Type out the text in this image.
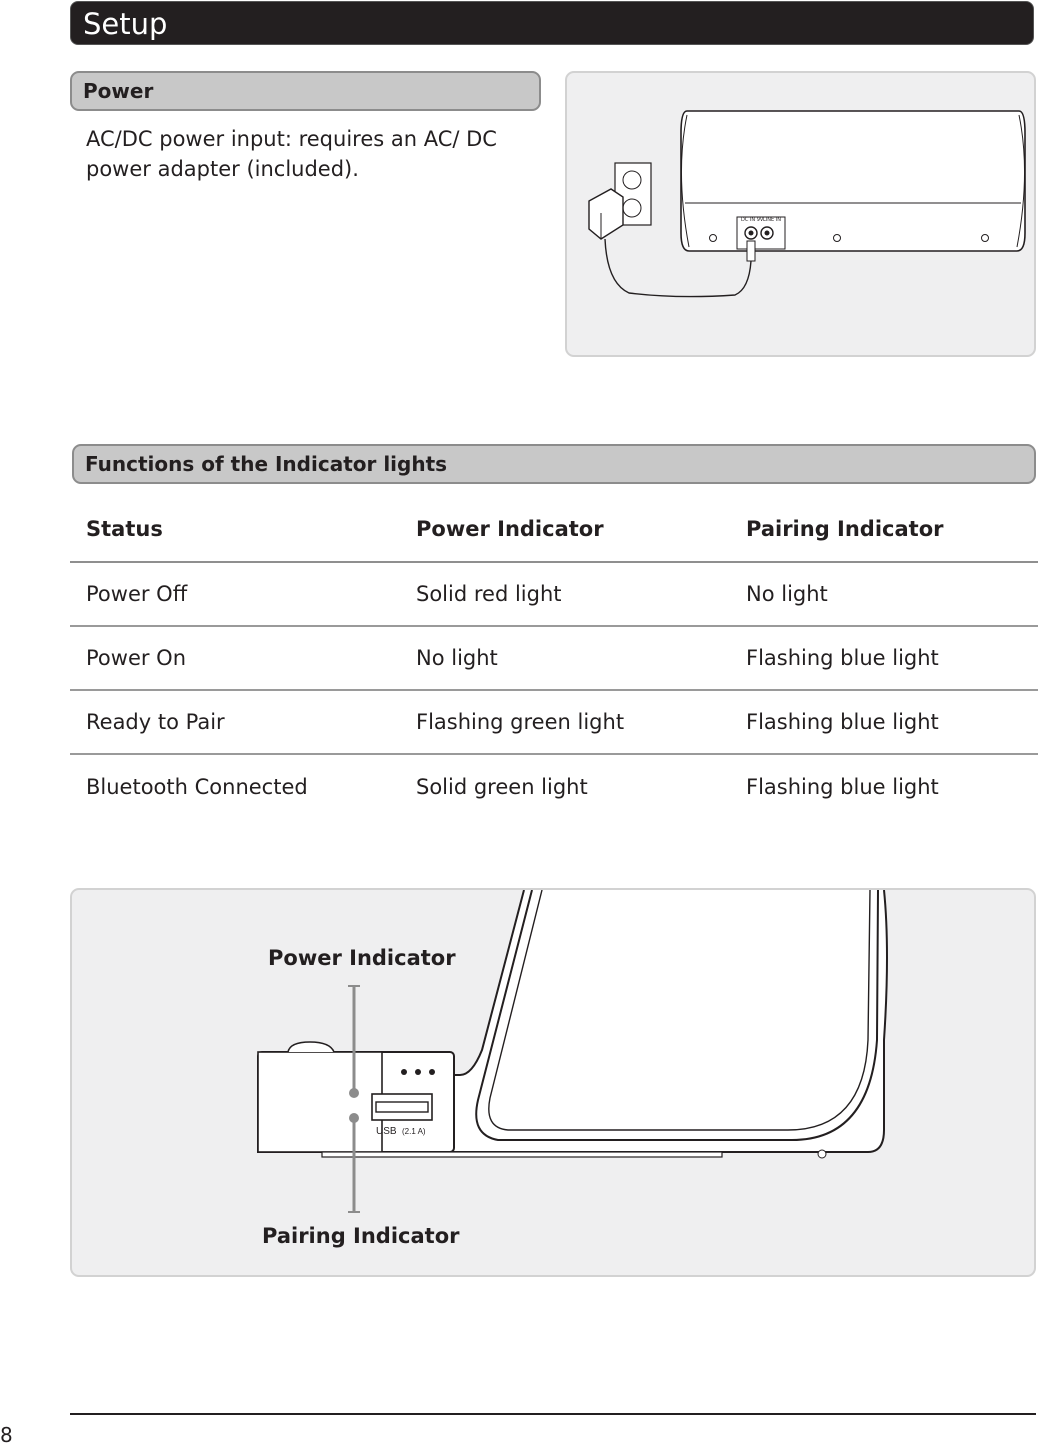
Setup
Power
AC/DC power input: requires an AC/ DC power adapter (included).
DC IN 9V LINE IN
Functions of the Indicator lights
Status	Power Indicator	Pairing Indicator
Power Off	Solid red light	No light
Power On	No light	Flashing blue light
Ready to Pair	Flashing green light	Flashing blue light
Bluetooth Connected	Solid green light	Flashing blue light
USB (2.1 A)
Power Indicator
Pairing Indicator
8
